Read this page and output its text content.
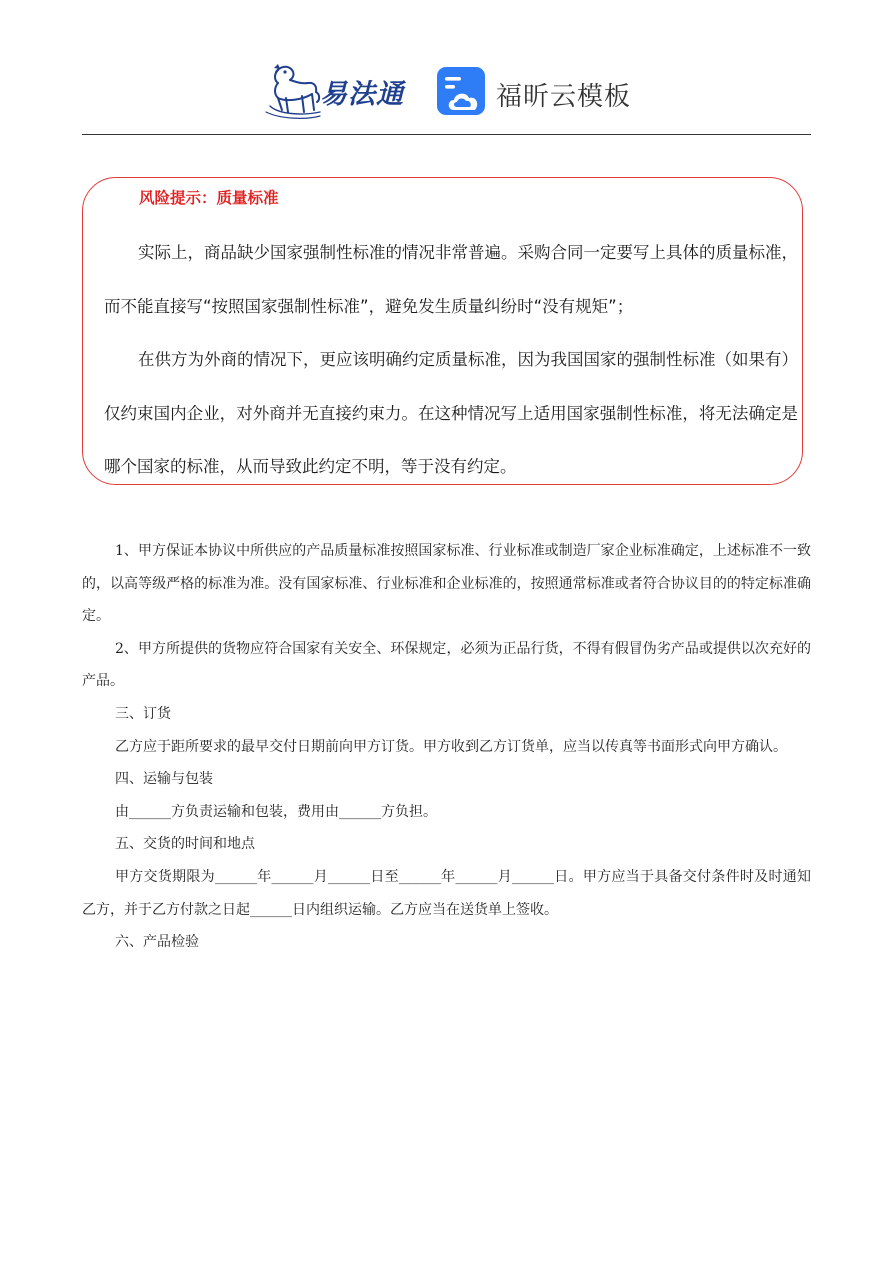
易法通	福昕云模板
风险提示：质量标准

实际上，商品缺少国家强制性标准的情况非常普遍。采购合同一定要写上具体的质量标准，而不能直接写“按照国家强制性标准”，避免发生质量纠纷时“没有规矩”；

在供方为外商的情况下，更应该明确约定质量标准，因为我国国家的强制性标准（如果有）仅约束国内企业，对外商并无直接约束力。在这种情况写上适用国家强制性标准，将无法确定是哪个国家的标准，从而导致此约定不明，等于没有约定。

1、甲方保证本协议中所供应的产品质量标准按照国家标准、行业标准或制造厂家企业标准确定，上述标准不一致的，以高等级严格的标准为准。没有国家标准、行业标准和企业标准的，按照通常标准或者符合协议目的的特定标准确定。

2、甲方所提供的货物应符合国家有关安全、环保规定，必须为正品行货，不得有假冒伪劣产品或提供以次充好的产品。

三、订货

乙方应于距所要求的最早交付日期前向甲方订货。甲方收到乙方订货单，应当以传真等书面形式向甲方确认。

四、运输与包装

由______方负责运输和包装，费用由______方负担。

五、交货的时间和地点

甲方交货期限为______年______月______日至______年______月______日。甲方应当于具备交付条件时及时通知乙方，并于乙方付款之日起______日内组织运输。乙方应当在送货单上签收。

六、产品检验
